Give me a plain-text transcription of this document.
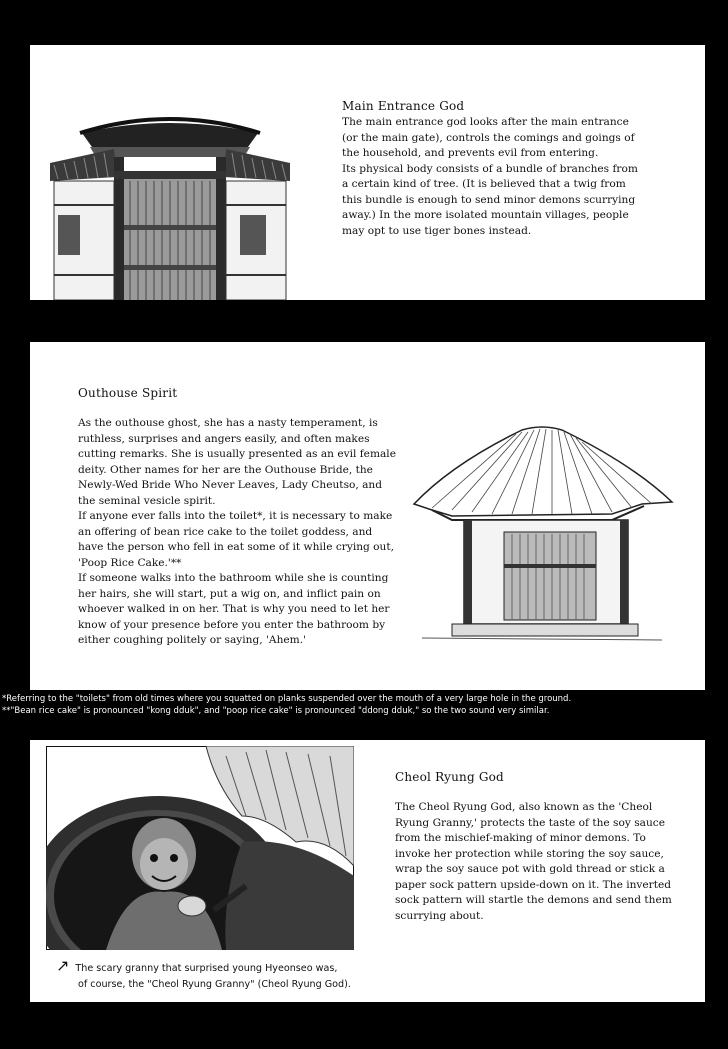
Main Entrance God

The main entrance god looks after the main entrance (or the main gate), controls the comings and goings of the household, and prevents evil from entering.

Its physical body consists of a bundle of branches from a certain kind of tree. (It is believed that a twig from this bundle is enough to send minor demons scurrying away.) In the more isolated mountain villages, people may opt to use tiger bones instead.

Outhouse Spirit

As the outhouse ghost, she has a nasty temperament, is ruthless, surprises and angers easily, and often makes cutting remarks. She is usually presented as an evil female deity. Other names for her are the Outhouse Bride, the Newly-Wed Bride Who Never Leaves, Lady Cheutso, and the seminal vesicle spirit.

If anyone ever falls into the toilet*, it is necessary to make an offering of bean rice cake to the toilet goddess, and have the person who fell in eat some of it while crying out, 'Poop Rice Cake.'**

If someone walks into the bathroom while she is counting her hairs, she will start, put a wig on, and inflict pain on whoever walked in on her. That is why you need to let her know of your presence before you enter the bathroom by either coughing politely or saying, 'Ahem.'

*Referring to the "toilets" from old times where you squatted on planks suspended over the mouth of a very large hole in the ground.
**"Bean rice cake" is pronounced "kong dduk", and "poop rice cake" is pronounced "ddong dduk," so the two sound very similar.
↗ The scary granny that surprised young Hyeonseo was,
of course, the "Cheol Ryung Granny" (Cheol Ryung God).
Cheol Ryung God

The Cheol Ryung God, also known as the 'Cheol Ryung Granny,' protects the taste of the soy sauce from the mischief-making of minor demons. To invoke her protection while storing the soy sauce, wrap the soy sauce pot with gold thread or stick a paper sock pattern upside-down on it. The inverted sock pattern will startle the demons and send them scurrying about.
